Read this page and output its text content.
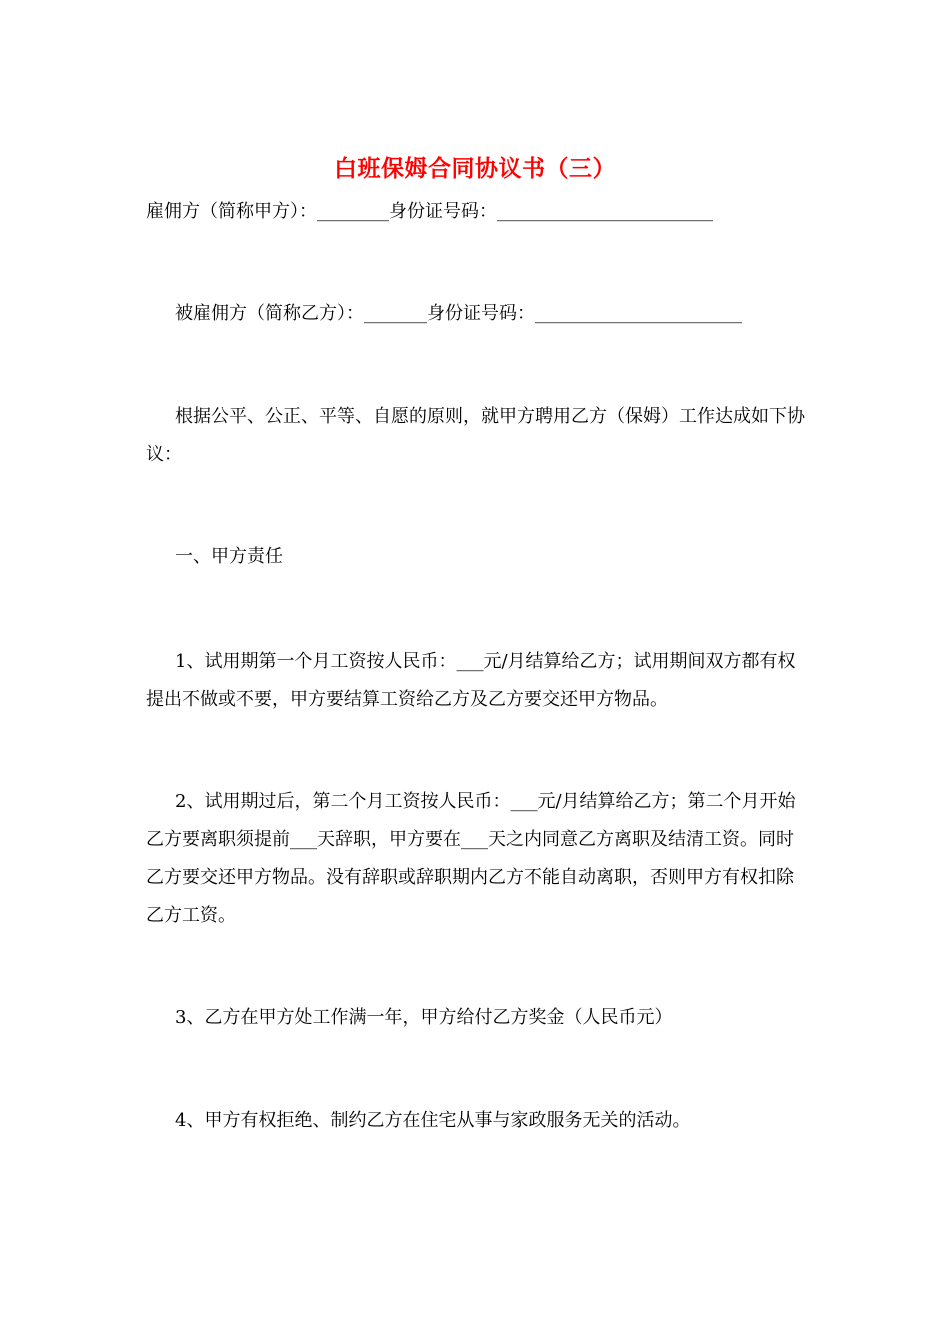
白班保姆合同协议书（三）
雇佣方（简称甲方）：________身份证号码：________________________
被雇佣方（简称乙方）：_______身份证号码：_______________________

根据公平、公正、平等、自愿的原则，就甲方聘用乙方（保姆）工作达成如下协议：

一、甲方责任

1、试用期第一个月工资按人民币：___元/月结算给乙方；试用期间双方都有权提出不做或不要，甲方要结算工资给乙方及乙方要交还甲方物品。

2、试用期过后，第二个月工资按人民币：___元/月结算给乙方；第二个月开始乙方要离职须提前___天辞职，甲方要在___天之内同意乙方离职及结清工资。同时乙方要交还甲方物品。没有辞职或辞职期内乙方不能自动离职，否则甲方有权扣除乙方工资。

3、乙方在甲方处工作满一年，甲方给付乙方奖金（人民币元）
4、甲方有权拒绝、制约乙方在住宅从事与家政服务无关的活动。
